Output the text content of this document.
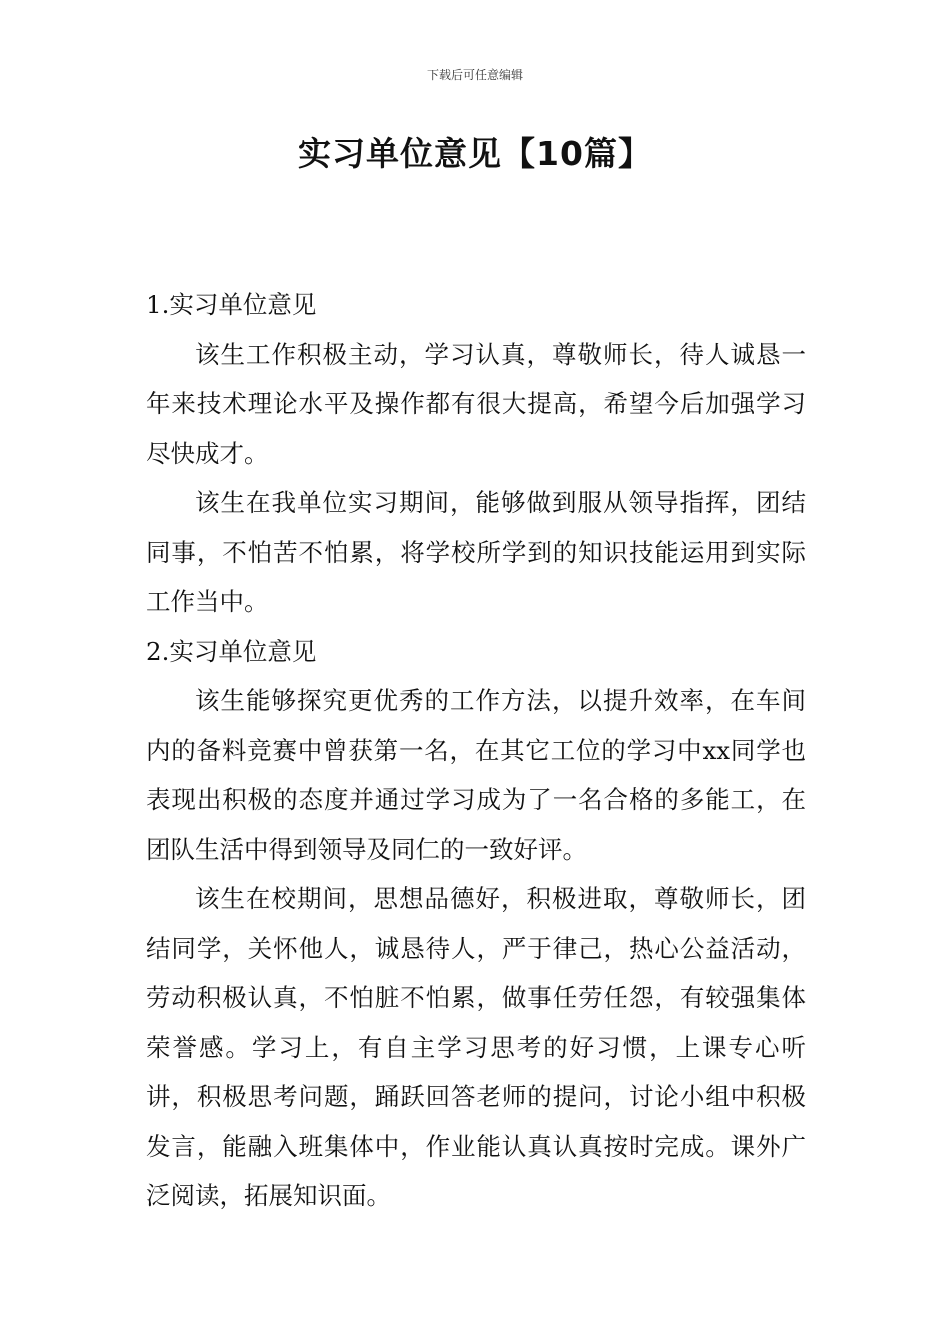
下载后可任意编辑
实习单位意见【10篇】
1.实习单位意见

该生工作积极主动，学习认真，尊敬师长，待人诚恳一年来技术理论水平及操作都有很大提高，希望今后加强学习尽快成才。

该生在我单位实习期间，能够做到服从领导指挥，团结同事，不怕苦不怕累，将学校所学到的知识技能运用到实际工作当中。

2.实习单位意见

该生能够探究更优秀的工作方法，以提升效率，在车间内的备料竞赛中曾获第一名，在其它工位的学习中xx同学也表现出积极的态度并通过学习成为了一名合格的多能工，在团队生活中得到领导及同仁的一致好评。

该生在校期间，思想品德好，积极进取，尊敬师长，团结同学，关怀他人，诚恳待人，严于律己，热心公益活动，劳动积极认真，不怕脏不怕累，做事任劳任怨，有较强集体荣誉感。学习上，有自主学习思考的好习惯，上课专心听讲，积极思考问题，踊跃回答老师的提问，讨论小组中积极发言，能融入班集体中，作业能认真认真按时完成。课外广泛阅读，拓展知识面。
